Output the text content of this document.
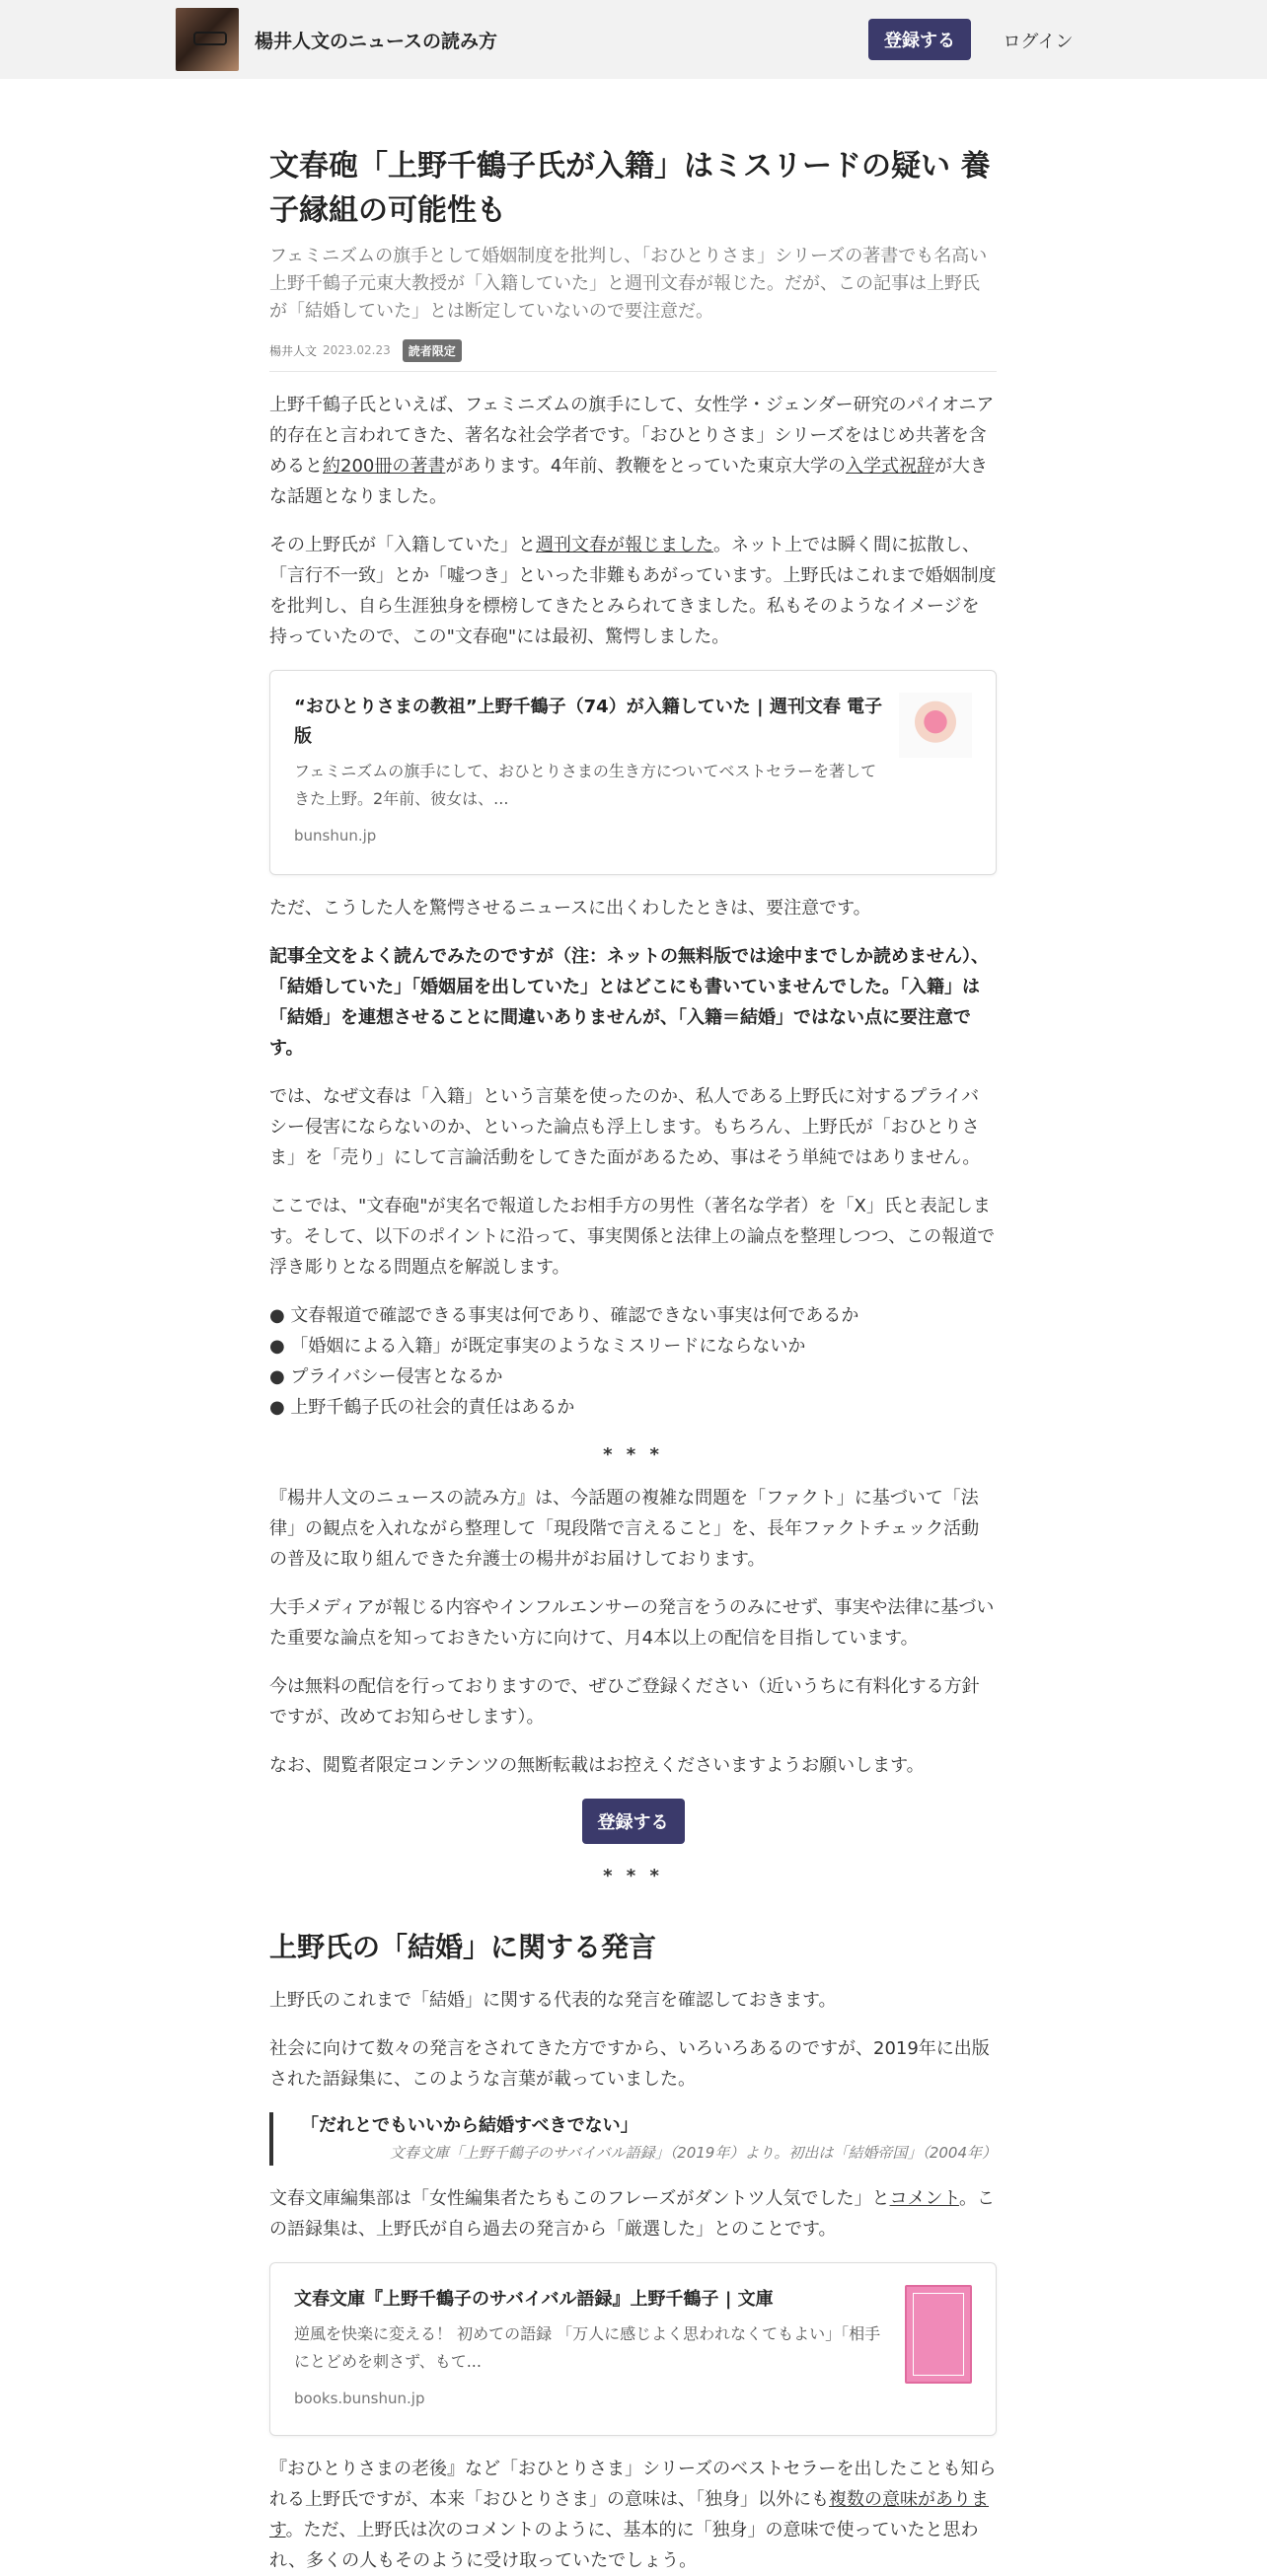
楊井人文のニュースの読み方	登録する	ログイン
文春砲「上野千鶴子氏が入籍」はミスリードの疑い 養子縁組の可能性も
フェミニズムの旗手として婚姻制度を批判し、「おひとりさま」シリーズの著書でも名高い上野千鶴子元東大教授が「入籍していた」と週刊文春が報じた。だが、この記事は上野氏が「結婚していた」とは断定していないので要注意だ。
楊井人文 2023.02.23	読者限定

上野千鶴子氏といえば、フェミニズムの旗手にして、女性学・ジェンダー研究のパイオニア的存在と言われてきた、著名な社会学者です。「おひとりさま」シリーズをはじめ共著を含めると約200冊の著書があります。4年前、教鞭をとっていた東京大学の入学式祝辞が大きな話題となりました。

その上野氏が「入籍していた」と週刊文春が報じました。ネット上では瞬く間に拡散し、「言行不一致」とか「嘘つき」といった非難もあがっています。上野氏はこれまで婚姻制度を批判し、自ら生涯独身を標榜してきたとみられてきました。私もそのようなイメージを持っていたので、この"文春砲"には最初、驚愕しました。

“おひとりさまの教祖”上野千鶴子（74）が入籍していた | 週刊文春 電子版
フェミニズムの旗手にして、おひとりさまの生き方についてベストセラーを著してきた上野。2年前、彼女は、...
bunshun.jp

ただ、こうした人を驚愕させるニュースに出くわしたときは、要注意です。

記事全文をよく読んでみたのですが（注：ネットの無料版では途中までしか読めません）、「結婚していた」「婚姻届を出していた」とはどこにも書いていませんでした。「入籍」は「結婚」を連想させることに間違いありませんが、「入籍＝結婚」ではない点に要注意です。

では、なぜ文春は「入籍」という言葉を使ったのか、私人である上野氏に対するプライバシー侵害にならないのか、といった論点も浮上します。もちろん、上野氏が「おひとりさま」を「売り」にして言論活動をしてきた面があるため、事はそう単純ではありません。

ここでは、"文春砲"が実名で報道したお相手方の男性（著名な学者）を「X」氏と表記します。そして、以下のポイントに沿って、事実関係と法律上の論点を整理しつつ、この報道で浮き彫りとなる問題点を解説します。

● 文春報道で確認できる事実は何であり、確認できない事実は何であるか
● 「婚姻による入籍」が既定事実のようなミスリードにならないか
● プライバシー侵害となるか
● 上野千鶴子氏の社会的責任はあるか
* * *

『楊井人文のニュースの読み方』は、今話題の複雑な問題を「ファクト」に基づいて「法律」の観点を入れながら整理して「現段階で言えること」を、長年ファクトチェック活動の普及に取り組んできた弁護士の楊井がお届けしております。

大手メディアが報じる内容やインフルエンサーの発言をうのみにせず、事実や法律に基づいた重要な論点を知っておきたい方に向けて、月4本以上の配信を目指しています。

今は無料の配信を行っておりますので、ぜひご登録ください（近いうちに有料化する方針ですが、改めてお知らせします）。

なお、閲覧者限定コンテンツの無断転載はお控えくださいますようお願いします。

登録する
* * *
上野氏の「結婚」に関する発言

上野氏のこれまで「結婚」に関する代表的な発言を確認しておきます。

社会に向けて数々の発言をされてきた方ですから、いろいろあるのですが、2019年に出版された語録集に、このような言葉が載っていました。

「だれとでもいいから結婚すべきでない」
文春文庫「上野千鶴子のサバイバル語録」（2019年）より。初出は「結婚帝国」（2004年）

文春文庫編集部は「女性編集者たちもこのフレーズがダントツ人気でした」とコメント。この語録集は、上野氏が自ら過去の発言から「厳選した」とのことです。

文春文庫『上野千鶴子のサバイバル語録』上野千鶴子 | 文庫
逆風を快楽に変える！ 初めての語録 「万人に感じよく思われなくてもよい」「相手にとどめを刺さず、もて...
books.bunshun.jp

『おひとりさまの老後』など「おひとりさま」シリーズのベストセラーを出したことも知られる上野氏ですが、本来「おひとりさま」の意味は、「独身」以外にも複数の意味があります。ただ、上野氏は次のコメントのように、基本的に「独身」の意味で使っていたと思われ、多くの人もそのように受け取っていたでしょう。
